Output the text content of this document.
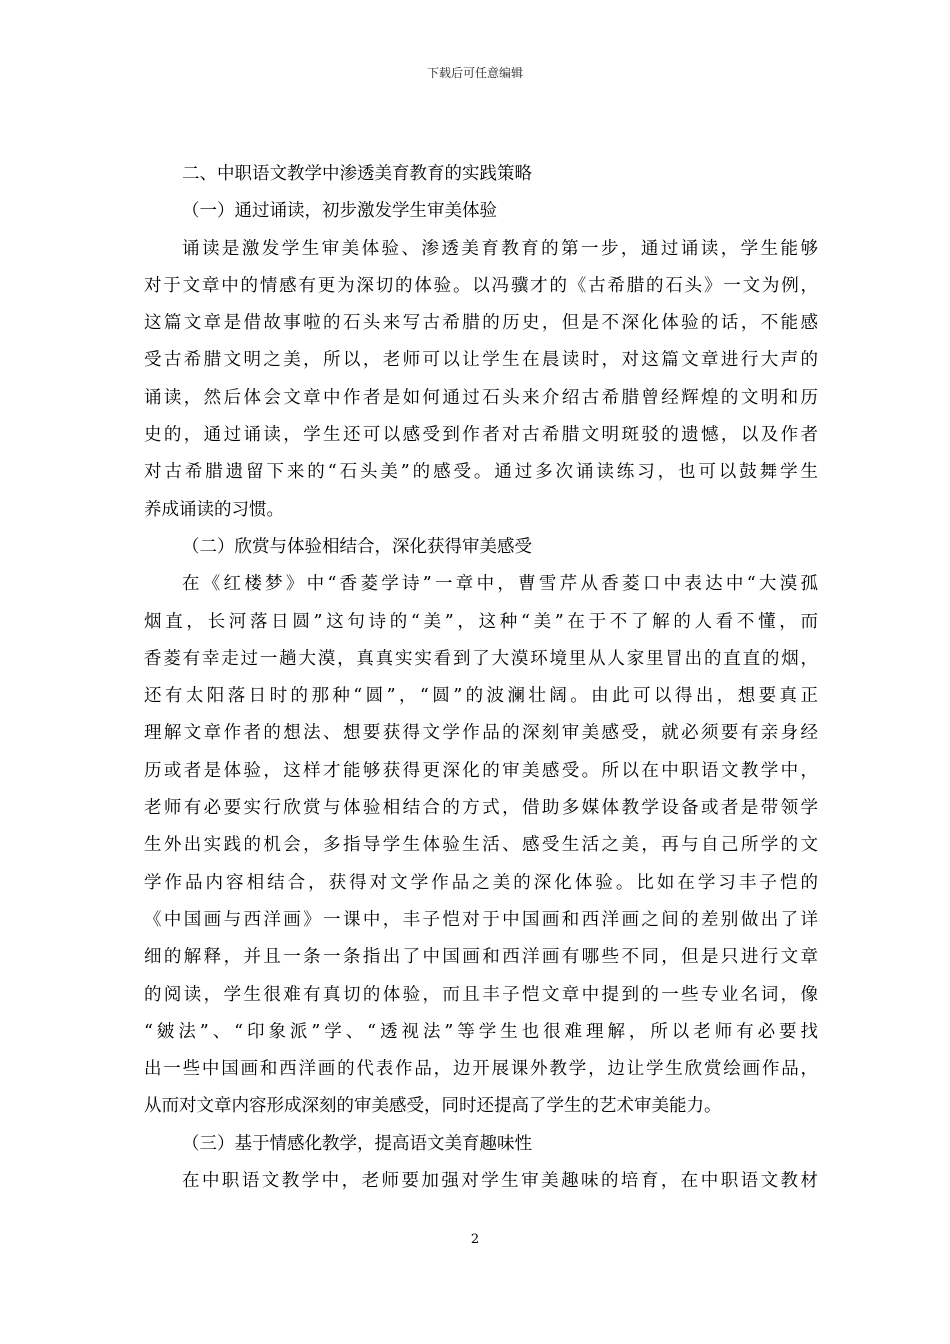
下载后可任意编辑
二、中职语文教学中渗透美育教育的实践策略
（一）通过诵读，初步激发学生审美体验
诵读是激发学生审美体验、渗透美育教育的第一步，通过诵读，学生能够
对于文章中的情感有更为深切的体验。以冯骥才的《古希腊的石头》一文为例，
这篇文章是借故事啦的石头来写古希腊的历史，但是不深化体验的话，不能感
受古希腊文明之美，所以，老师可以让学生在晨读时，对这篇文章进行大声的
诵读，然后体会文章中作者是如何通过石头来介绍古希腊曾经辉煌的文明和历
史的，通过诵读，学生还可以感受到作者对古希腊文明斑驳的遗憾，以及作者
对古希腊遗留下来的“石头美”的感受。通过多次诵读练习，也可以鼓舞学生
养成诵读的习惯。
（二）欣赏与体验相结合，深化获得审美感受
在《红楼梦》中“香菱学诗”一章中，曹雪芹从香菱口中表达中“大漠孤
烟直，长河落日圆”这句诗的“美”，这种“美”在于不了解的人看不懂，而
香菱有幸走过一趟大漠，真真实实看到了大漠环境里从人家里冒出的直直的烟，
还有太阳落日时的那种“圆”，“圆”的波澜壮阔。由此可以得出，想要真正
理解文章作者的想法、想要获得文学作品的深刻审美感受，就必须要有亲身经
历或者是体验，这样才能够获得更深化的审美感受。所以在中职语文教学中，
老师有必要实行欣赏与体验相结合的方式，借助多媒体教学设备或者是带领学
生外出实践的机会，多指导学生体验生活、感受生活之美，再与自己所学的文
学作品内容相结合，获得对文学作品之美的深化体验。比如在学习丰子恺的
《中国画与西洋画》一课中，丰子恺对于中国画和西洋画之间的差别做出了详
细的解释，并且一条一条指出了中国画和西洋画有哪些不同，但是只进行文章
的阅读，学生很难有真切的体验，而且丰子恺文章中提到的一些专业名词，像
“皴法”、“印象派”学、“透视法”等学生也很难理解，所以老师有必要找
出一些中国画和西洋画的代表作品，边开展课外教学，边让学生欣赏绘画作品，
从而对文章内容形成深刻的审美感受，同时还提高了学生的艺术审美能力。
（三）基于情感化教学，提高语文美育趣味性
在中职语文教学中，老师要加强对学生审美趣味的培育，在中职语文教材
2
